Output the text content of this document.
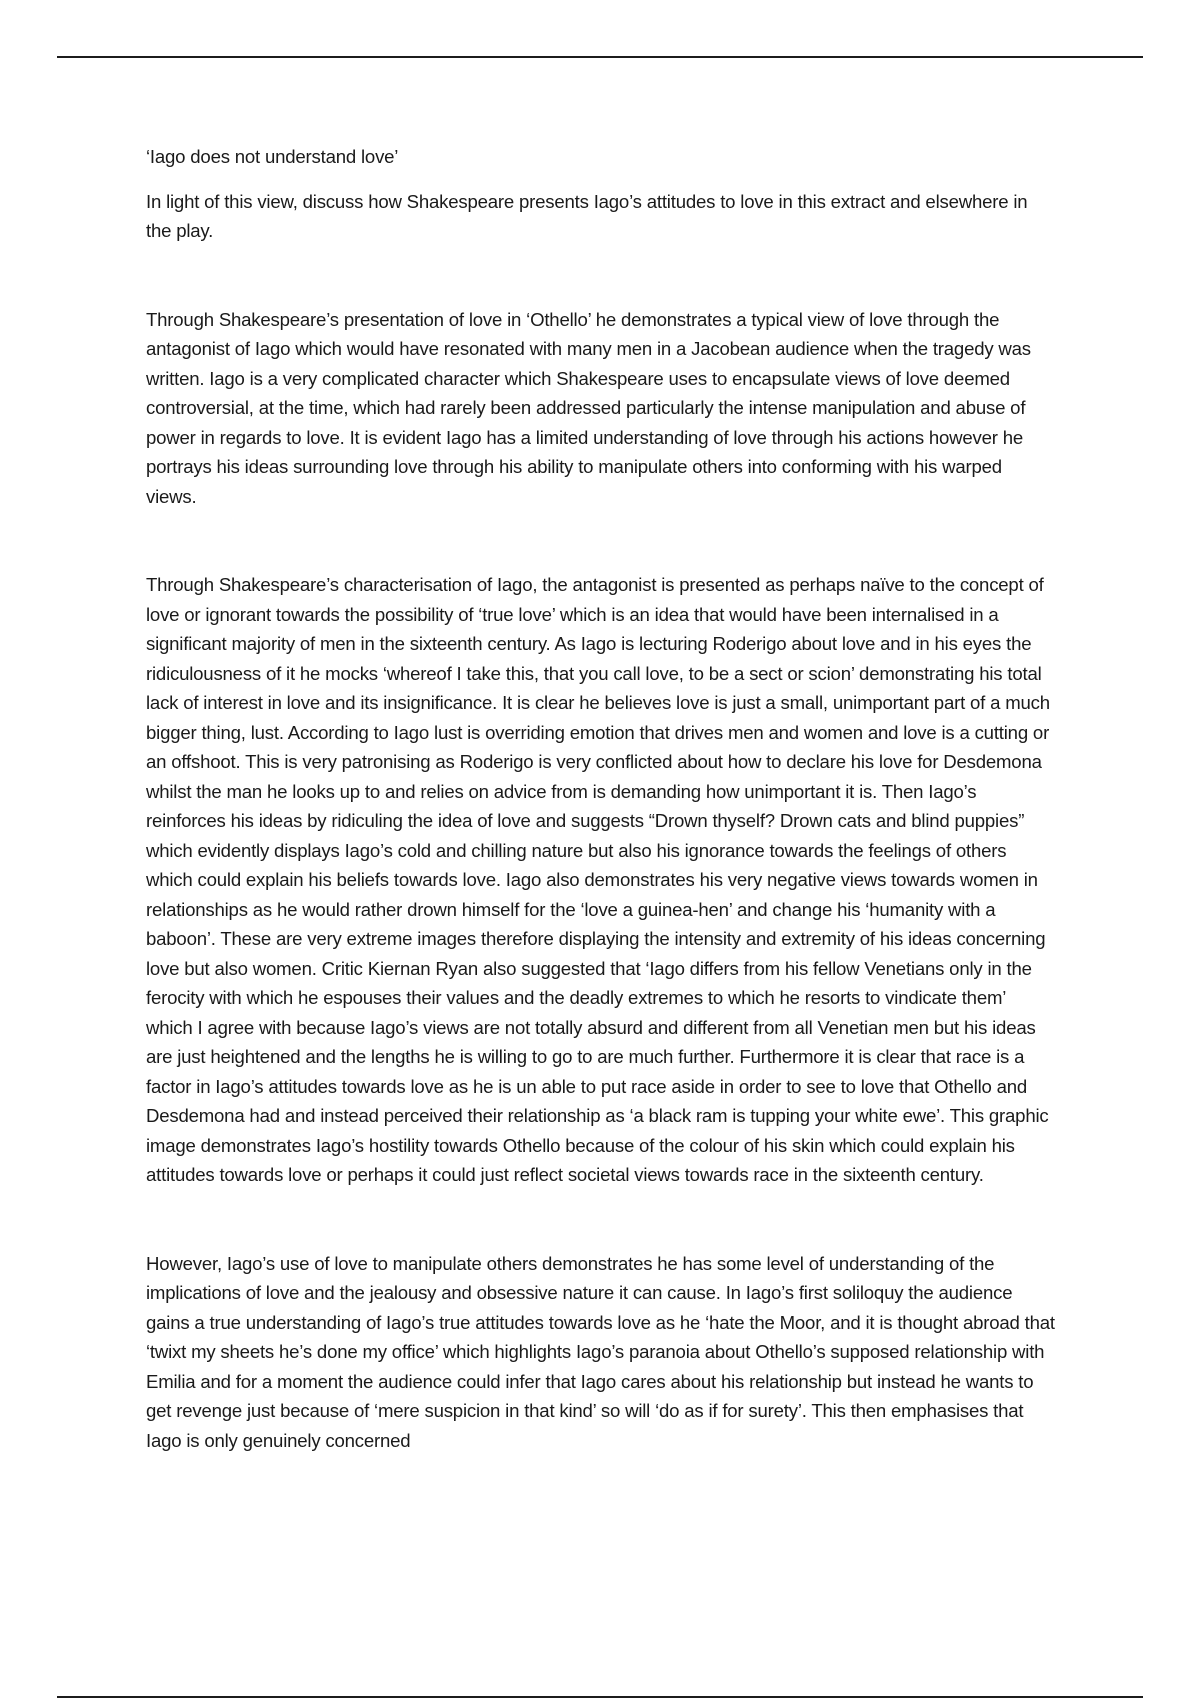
‘Iago does not understand love’

In light of this view, discuss how Shakespeare presents Iago’s attitudes to love in this extract and elsewhere in the play.

Through Shakespeare’s presentation of love in ‘Othello’ he demonstrates a typical view of love through the antagonist of Iago which would have resonated with many men in a Jacobean audience when the tragedy was written. Iago is a very complicated character which Shakespeare uses to encapsulate views of love deemed controversial, at the time, which had rarely been addressed particularly the intense manipulation and abuse of power in regards to love. It is evident Iago has a limited understanding of love through his actions however he portrays his ideas surrounding love through his ability to manipulate others into conforming with his warped views.

Through Shakespeare’s characterisation of Iago, the antagonist is presented as perhaps naïve to the concept of love or ignorant towards the possibility of ‘true love’ which is an idea that would have been internalised in a significant majority of men in the sixteenth century. As Iago is lecturing Roderigo about love and in his eyes the ridiculousness of it he mocks ‘whereof I take this, that you call love, to be a sect or scion’ demonstrating his total lack of interest in love and its insignificance. It is clear he believes love is just a small, unimportant part of a much bigger thing, lust. According to Iago lust is overriding emotion that drives men and women and love is a cutting or an offshoot. This is very patronising as Roderigo is very conflicted about how to declare his love for Desdemona whilst the man he looks up to and relies on advice from is demanding how unimportant it is. Then Iago’s reinforces his ideas by ridiculing the idea of love and suggests “Drown thyself? Drown cats and blind puppies” which evidently displays Iago’s cold and chilling nature but also his ignorance towards the feelings of others which could explain his beliefs towards love. Iago also demonstrates his very negative views towards women in relationships as he would rather drown himself for the ‘love a guinea-hen’ and change his ‘humanity with a baboon’. These are very extreme images therefore displaying the intensity and extremity of his ideas concerning love but also women. Critic Kiernan Ryan also suggested that ‘Iago differs from his fellow Venetians only in the ferocity with which he espouses their values and the deadly extremes to which he resorts to vindicate them’ which I agree with because Iago’s views are not totally absurd and different from all Venetian men but his ideas are just heightened and the lengths he is willing to go to are much further. Furthermore it is clear that race is a factor in Iago’s attitudes towards love as he is un able to put race aside in order to see to love that Othello and Desdemona had and instead perceived their relationship as ‘a black ram is tupping your white ewe’. This graphic image demonstrates Iago’s hostility towards Othello because of the colour of his skin which could explain his attitudes towards love or perhaps it could just reflect societal views towards race in the sixteenth century.

However, Iago’s use of love to manipulate others demonstrates he has some level of understanding of the implications of love and the jealousy and obsessive nature it can cause. In Iago’s first soliloquy the audience gains a true understanding of Iago’s true attitudes towards love as he ‘hate the Moor, and it is thought abroad that ‘twixt my sheets he’s done my office’ which highlights Iago’s paranoia about Othello’s supposed relationship with Emilia and for a moment the audience could infer that Iago cares about his relationship but instead he wants to get revenge just because of ‘mere suspicion in that kind’ so will ‘do as if for surety’. This then emphasises that Iago is only genuinely concerned
